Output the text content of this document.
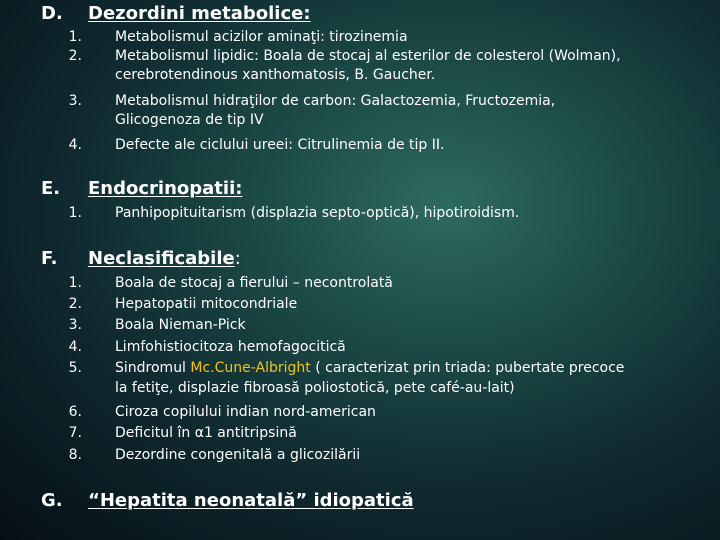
D. Dezordini metabolice:
1. Metabolismul acizilor aminaţi: tirozinemia
2. Metabolismul lipidic: Boala de stocaj al esterilor de colesterol (Wolman),
cerebrotendinous xanthomatosis, B. Gaucher.
3. Metabolismul hidraţilor de carbon: Galactozemia, Fructozemia,
Glicogenoza de tip IV
4. Defecte ale ciclului ureei: Citrulinemia de tip II.
E. Endocrinopatii:
1. Panhipopituitarism (displazia septo-optică), hipotiroidism.
F. Neclasificabile:
1. Boala de stocaj a fierului – necontrolată
2. Hepatopatii mitocondriale
3. Boala Nieman-Pick
4. Limfohistiocitoza hemofagocitică
5. Sindromul Mc.Cune-Albright ( caracterizat prin triada: pubertate precoce
la fetiţe, displazie fibroasă poliostotică, pete café-au-lait)
6. Ciroza copilului indian nord-american
7. Deficitul în α1 antitripsină
8. Dezordine congenitală a glicozilării
G. “Hepatita neonatală” idiopatică
